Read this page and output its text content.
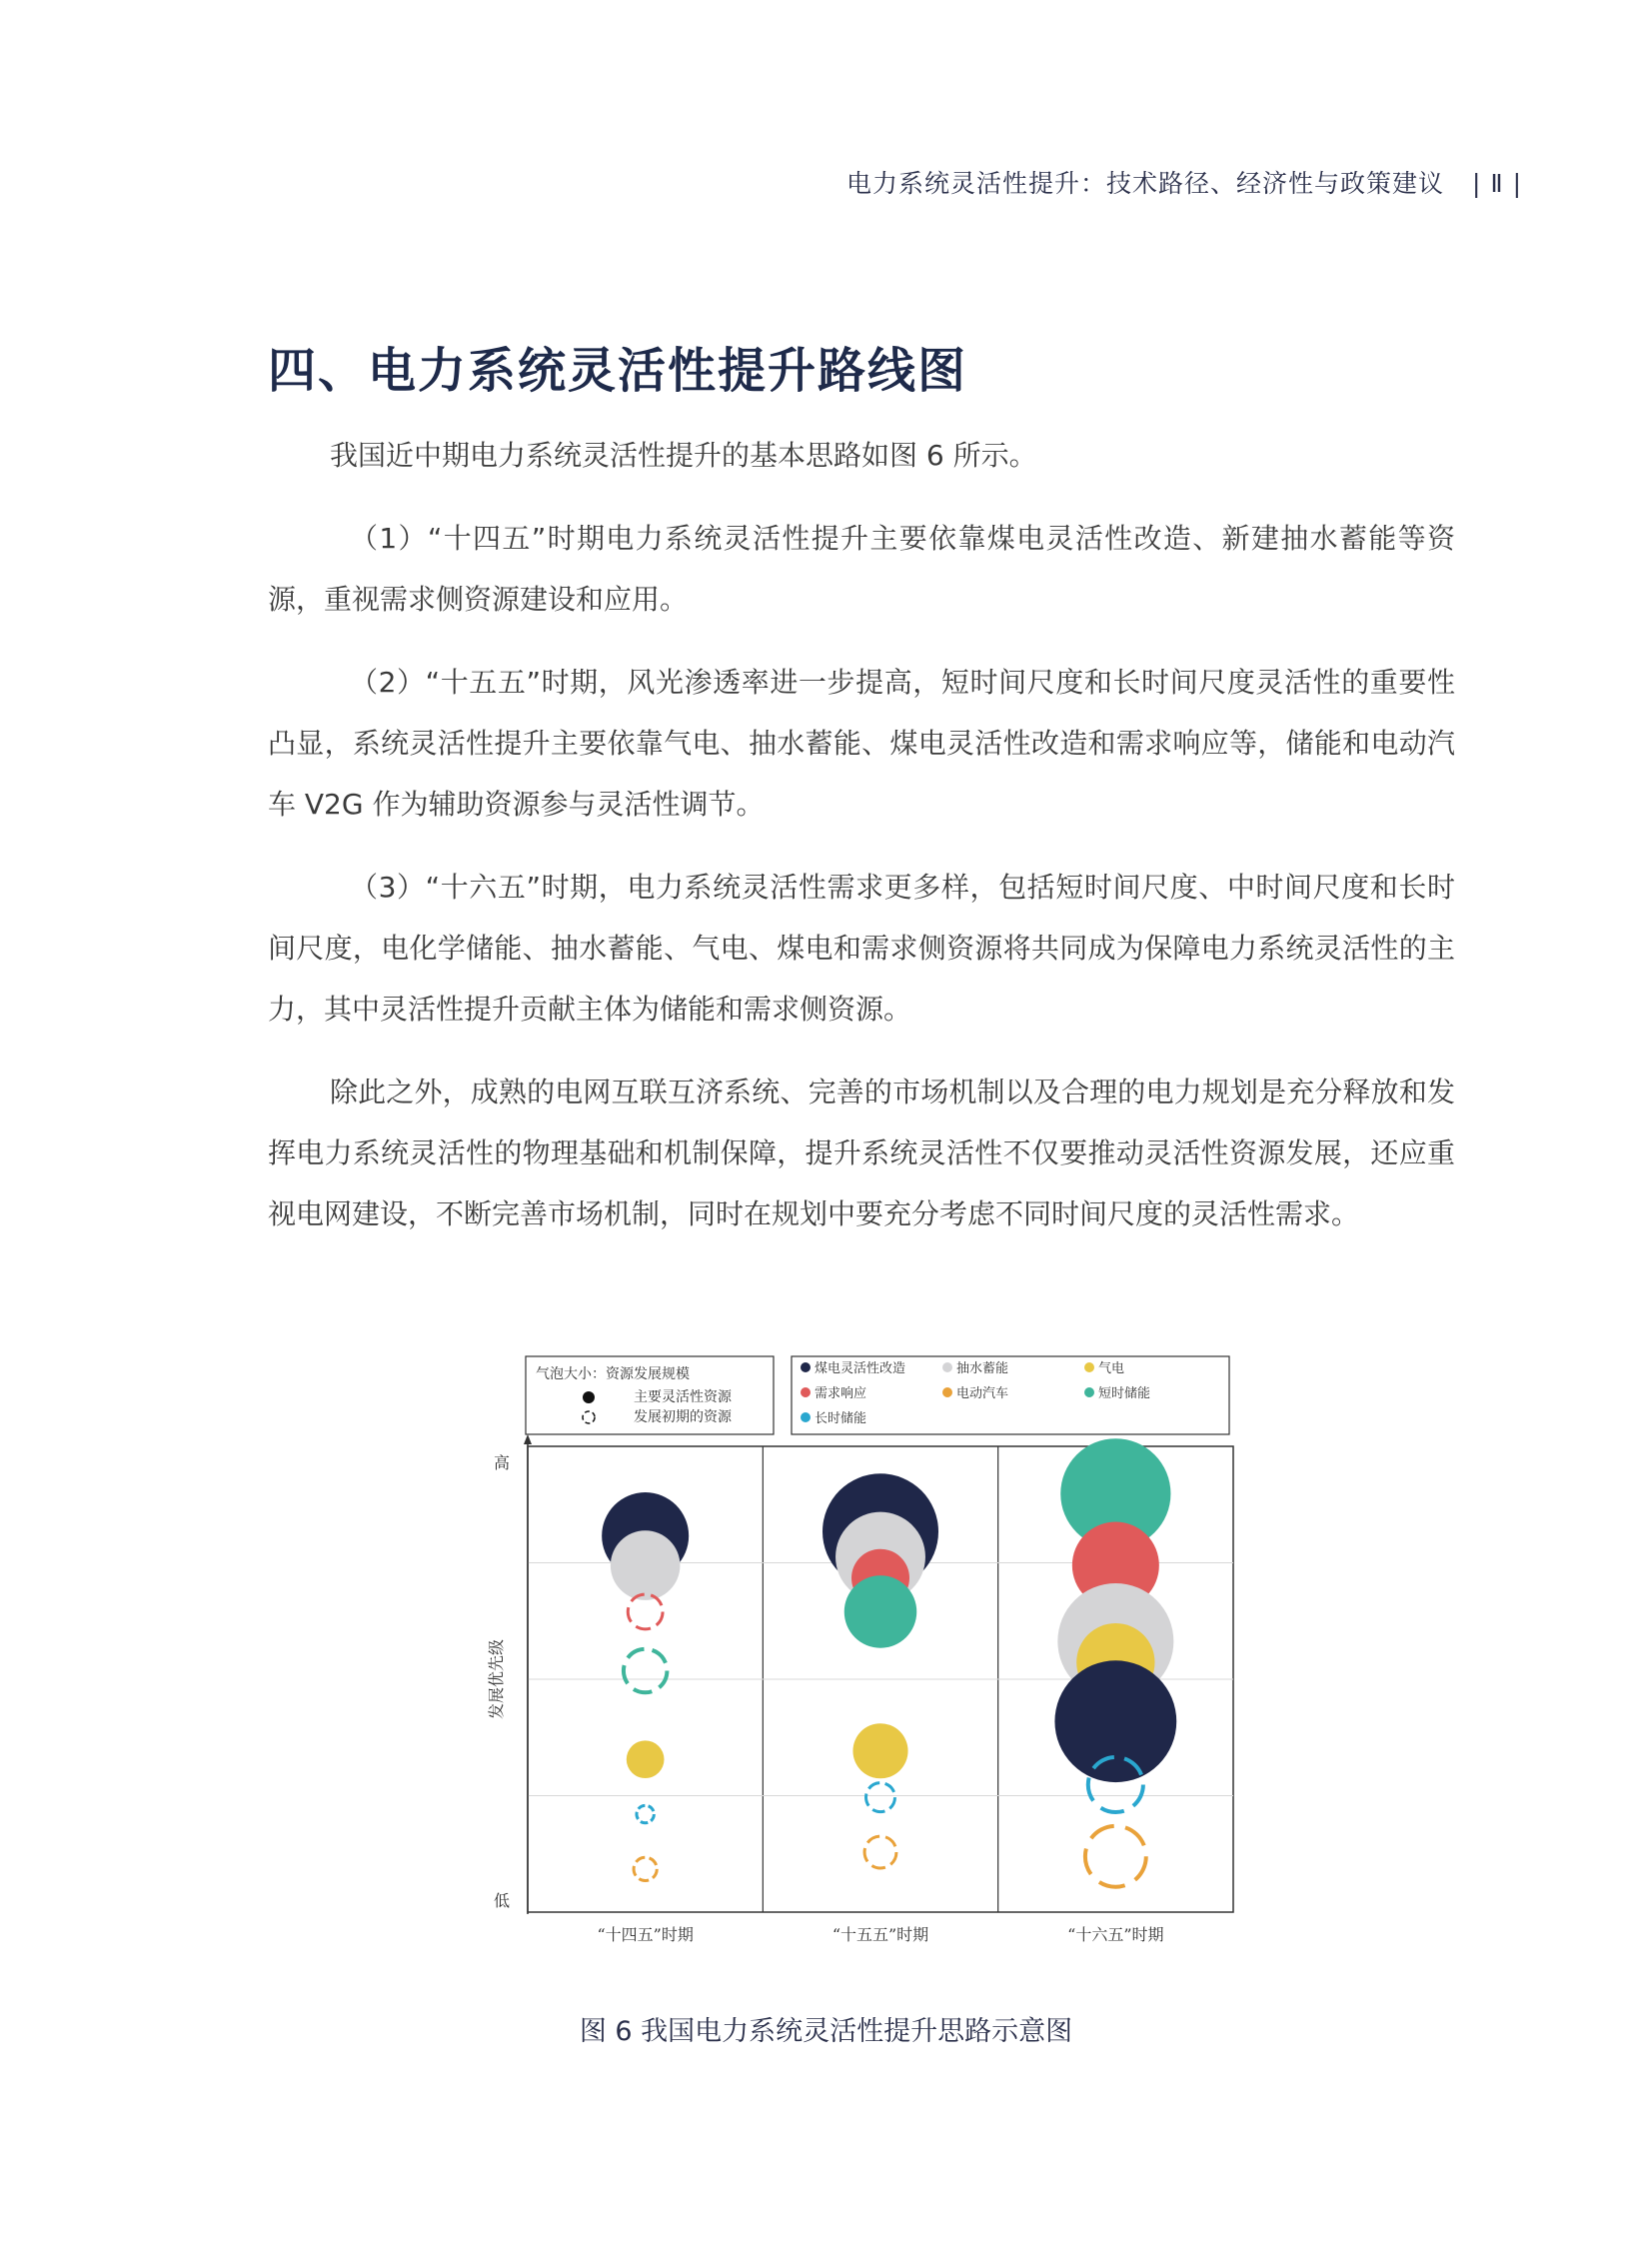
电力系统灵活性提升：技术路径、经济性与政策建议 | Ⅱ |
四、电力系统灵活性提升路线图

我国近中期电力系统灵活性提升的基本思路如图 6 所示。

（1）“十四五”时期电力系统灵活性提升主要依靠煤电灵活性改造、新建抽水蓄能等资源，重视需求侧资源建设和应用。

（2）“十五五”时期，风光渗透率进一步提高，短时间尺度和长时间尺度灵活性的重要性凸显，系统灵活性提升主要依靠气电、抽水蓄能、煤电灵活性改造和需求响应等，储能和电动汽车 V2G 作为辅助资源参与灵活性调节。

（3）“十六五”时期，电力系统灵活性需求更多样，包括短时间尺度、中时间尺度和长时间尺度，电化学储能、抽水蓄能、气电、煤电和需求侧资源将共同成为保障电力系统灵活性的主力，其中灵活性提升贡献主体为储能和需求侧资源。

除此之外，成熟的电网互联互济系统、完善的市场机制以及合理的电力规划是充分释放和发挥电力系统灵活性的物理基础和机制保障，提升系统灵活性不仅要推动灵活性资源发展，还应重视电网建设，不断完善市场机制，同时在规划中要充分考虑不同时间尺度的灵活性需求。

气泡大小：资源发展规模
主要灵活性资源
发展初期的资源
煤电灵活性改造	抽水蓄能	气电
需求响应	电动汽车	短时储能
长时储能
高
低
发展优先级
“十四五”时期	“十五五”时期	“十六五”时期
图 6 我国电力系统灵活性提升思路示意图
